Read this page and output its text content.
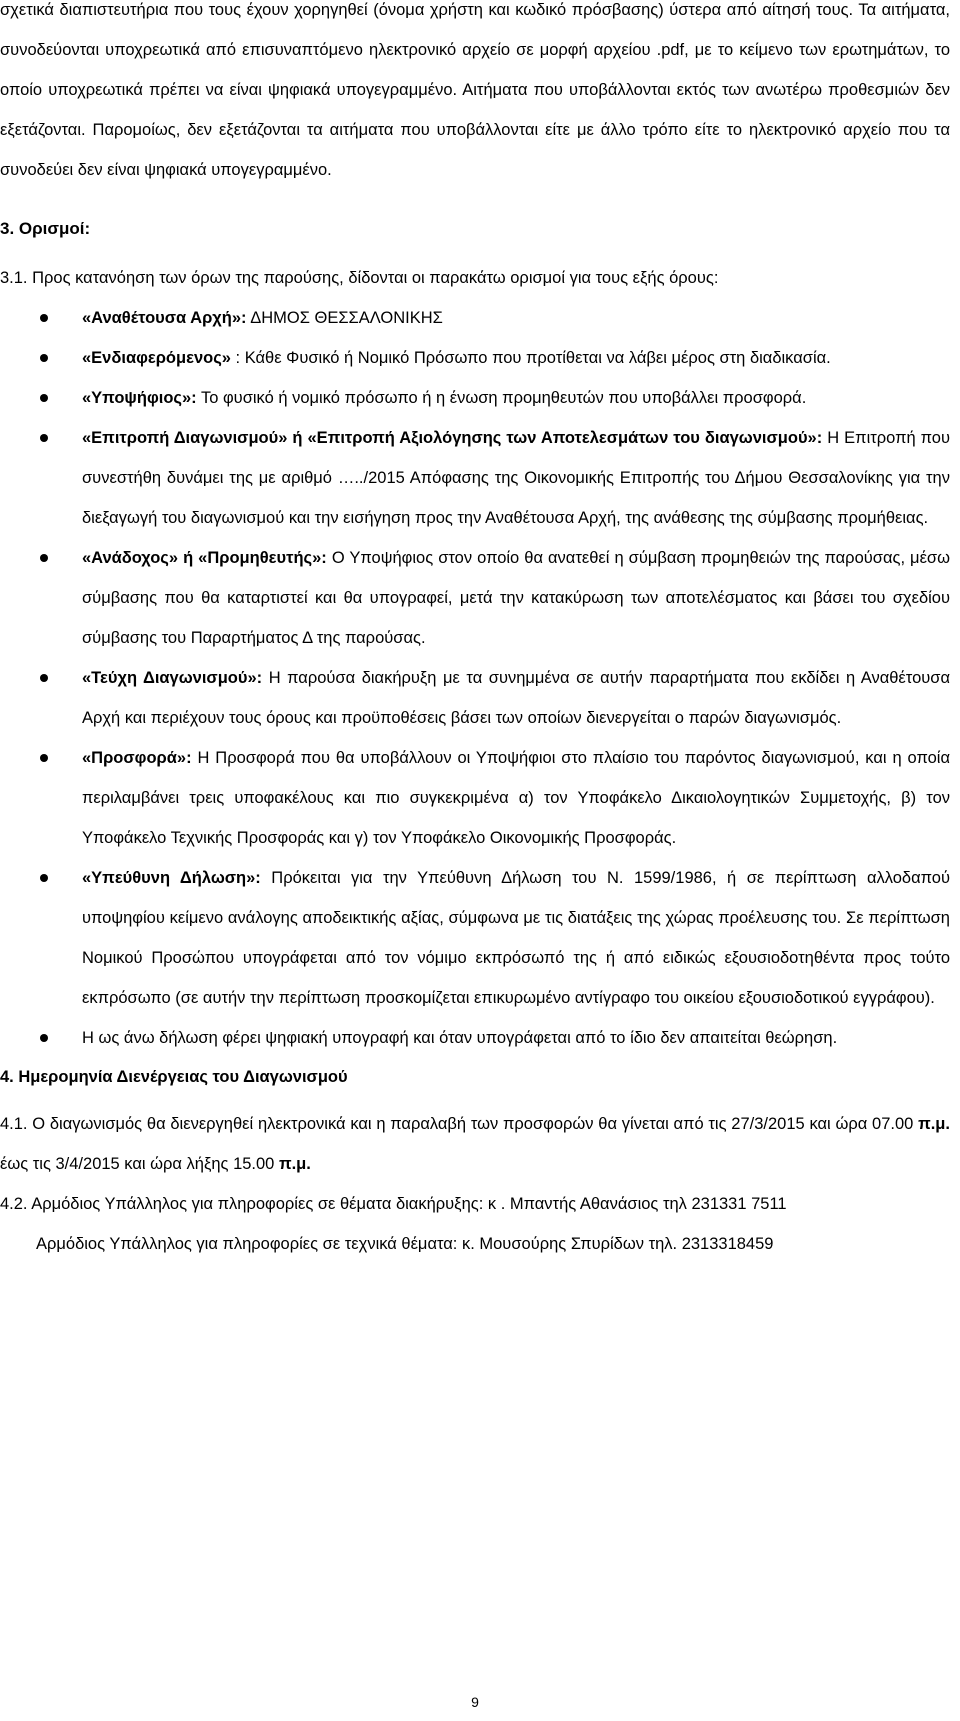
σχετικά διαπιστευτήρια που τους έχουν χορηγηθεί (όνομα χρήστη και κωδικό πρόσβασης) ύστερα από αίτησή τους. Τα αιτήματα, συνοδεύονται υποχρεωτικά από επισυναπτόμενο ηλεκτρονικό αρχείο σε μορφή αρχείου .pdf, με το κείμενο των ερωτημάτων, το οποίο υποχρεωτικά πρέπει να είναι ψηφιακά υπογεγραμμένο. Αιτήματα που υποβάλλονται εκτός των ανωτέρω προθεσμιών δεν εξετάζονται. Παρομοίως, δεν εξετάζονται τα αιτήματα που υποβάλλονται είτε με άλλο τρόπο είτε το ηλεκτρονικό αρχείο που τα συνοδεύει δεν είναι ψηφιακά υπογεγραμμένο.

3. Ορισμοί:

3.1. Προς κατανόηση των όρων της παρούσης, δίδονται οι παρακάτω ορισμοί για τους εξής όρους:

«Αναθέτουσα Αρχή»: ΔΗΜΟΣ ΘΕΣΣΑΛΟΝΙΚΗΣ
«Ενδιαφερόμενος» : Κάθε Φυσικό ή Νομικό Πρόσωπο που προτίθεται να λάβει μέρος στη διαδικασία.
«Υποψήφιος»: Το φυσικό ή νομικό πρόσωπο ή η ένωση προμηθευτών που υποβάλλει προσφορά.
«Επιτροπή Διαγωνισμού» ή «Επιτροπή Αξιολόγησης των Αποτελεσμάτων του διαγωνισμού»: Η Επιτροπή που συνεστήθη δυνάμει της με αριθμό …../2015 Απόφασης της Οικονομικής Επιτροπής του Δήμου Θεσσαλονίκης για την διεξαγωγή του διαγωνισμού και την εισήγηση προς την Αναθέτουσα Αρχή, της ανάθεσης της σύμβασης προμήθειας.
«Ανάδοχος» ή «Προμηθευτής»: Ο Υποψήφιος στον οποίο θα ανατεθεί η σύμβαση προμηθειών της παρούσας, μέσω σύμβασης που θα καταρτιστεί και θα υπογραφεί, μετά την κατακύρωση των αποτελέσματος και βάσει του σχεδίου σύμβασης του Παραρτήματος Δ της παρούσας.
«Τεύχη Διαγωνισμού»: Η παρούσα διακήρυξη με τα συνημμένα σε αυτήν παραρτήματα που εκδίδει η Αναθέτουσα Αρχή και περιέχουν τους όρους και προϋποθέσεις βάσει των οποίων διενεργείται ο παρών διαγωνισμός.
«Προσφορά»: Η Προσφορά που θα υποβάλλουν οι Υποψήφιοι στο πλαίσιο του παρόντος διαγωνισμού, και η οποία περιλαμβάνει τρεις υποφακέλους και πιο συγκεκριμένα α) τον Υποφάκελο Δικαιολογητικών Συμμετοχής, β) τον Υποφάκελο Τεχνικής Προσφοράς και γ) τον Υποφάκελο Οικονομικής Προσφοράς.
«Υπεύθυνη Δήλωση»: Πρόκειται για την Υπεύθυνη Δήλωση του Ν. 1599/1986, ή σε περίπτωση αλλοδαπού υποψηφίου κείμενο ανάλογης αποδεικτικής αξίας, σύμφωνα με τις διατάξεις της χώρας προέλευσης του. Σε περίπτωση Νομικού Προσώπου υπογράφεται από τον νόμιμο εκπρόσωπό της ή από ειδικώς εξουσιοδοτηθέντα προς τούτο εκπρόσωπο (σε αυτήν την περίπτωση προσκομίζεται επικυρωμένο αντίγραφο του οικείου εξουσιοδοτικού εγγράφου).
Η ως άνω δήλωση φέρει ψηφιακή υπογραφή και όταν υπογράφεται από το ίδιο δεν απαιτείται θεώρηση.

4. Ημερομηνία Διενέργειας του Διαγωνισμού

4.1. Ο διαγωνισμός θα διενεργηθεί ηλεκτρονικά και η παραλαβή των προσφορών θα γίνεται από τις 27/3/2015 και ώρα 07.00 π.μ. έως τις 3/4/2015 και ώρα λήξης 15.00 π.μ.

4.2. Αρμόδιος Υπάλληλος για πληροφορίες σε θέματα διακήρυξης: κ . Μπαντής Αθανάσιος τηλ 231331 7511

Αρμόδιος Υπάλληλος για πληροφορίες σε τεχνικά θέματα: κ. Μουσούρης Σπυρίδων τηλ. 2313318459

9
